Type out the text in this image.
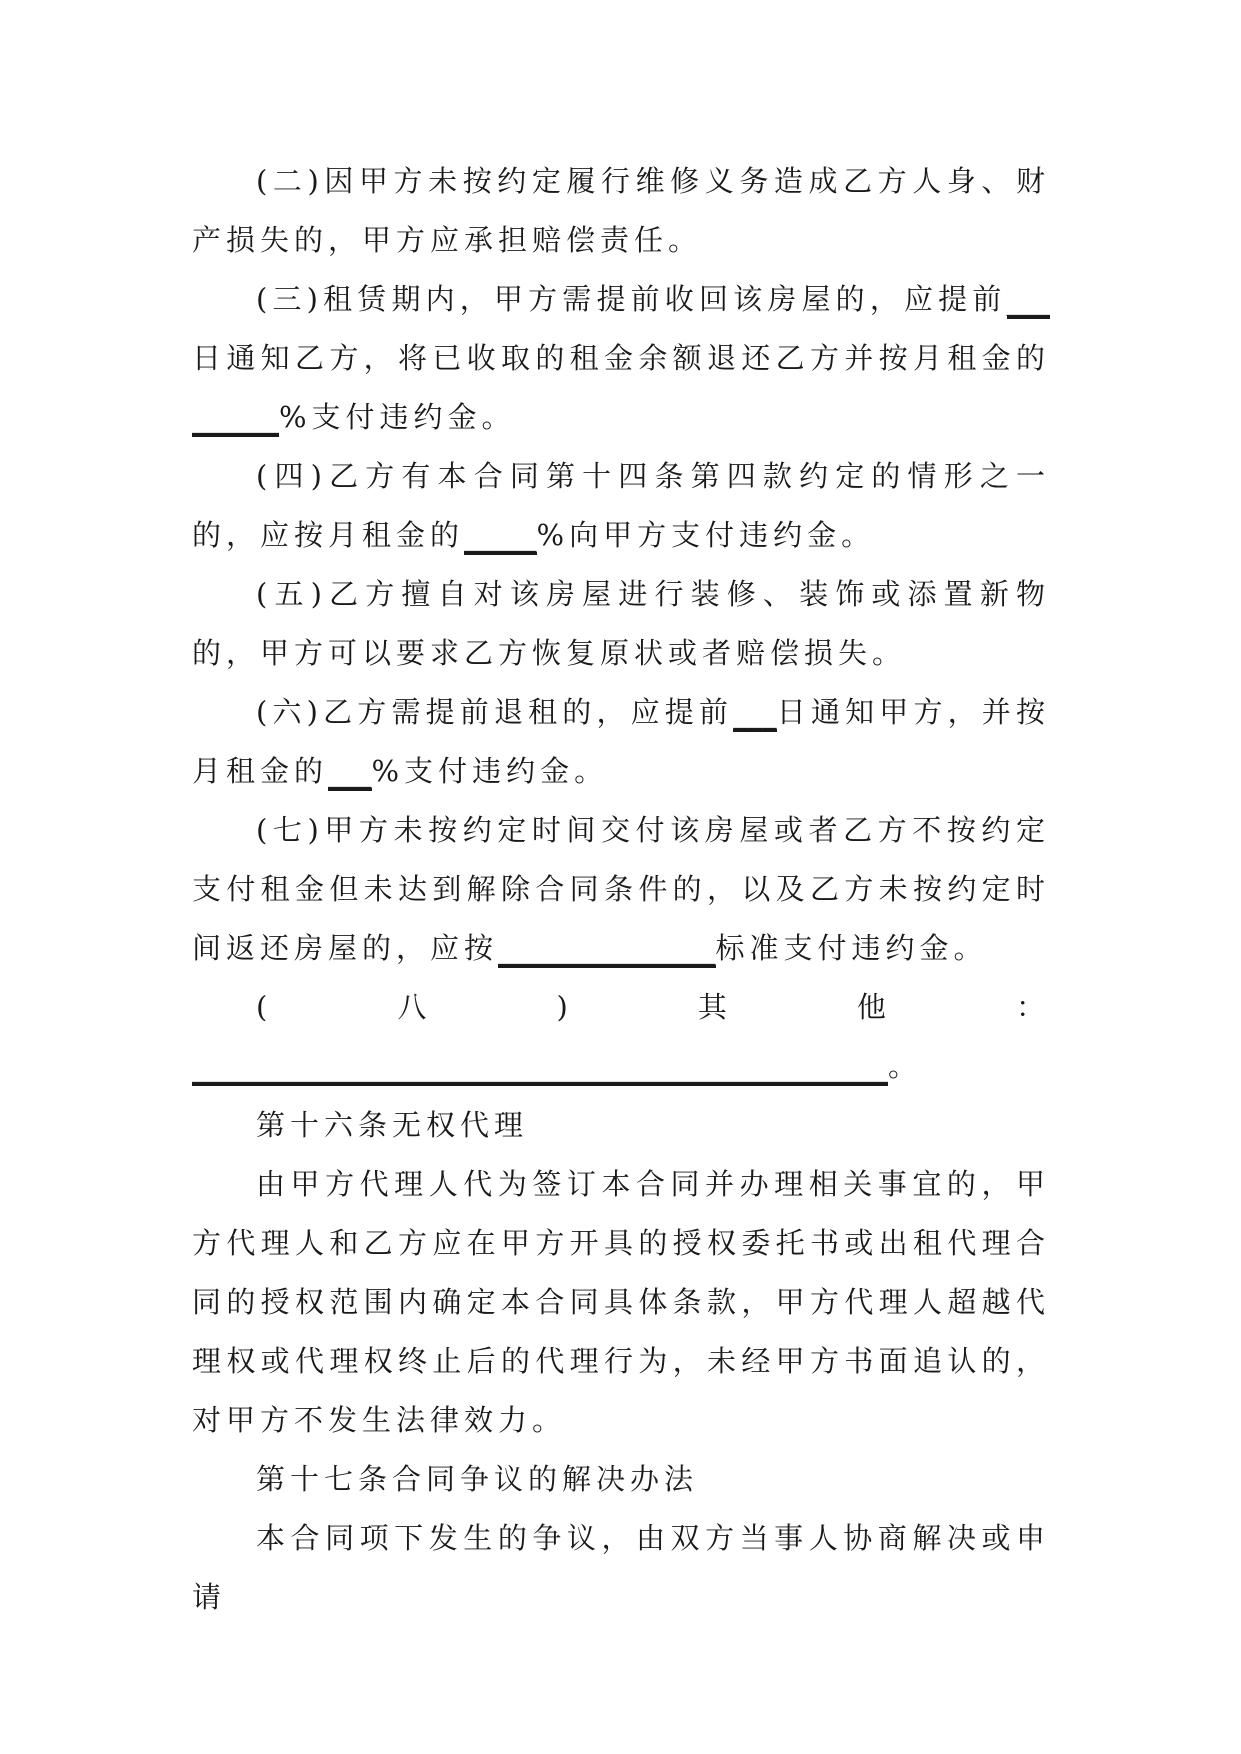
(二)因甲方未按约定履行维修义务造成乙方人身、财产损失的，甲方应承担赔偿责任。

(三)租赁期内，甲方需提前收回该房屋的，应提前___日通知乙方，将已收取的租金余额退还乙方并按月租金的______%支付违约金。

(四)乙方有本合同第十四条第四款约定的情形之一的，应按月租金的_____%向甲方支付违约金。

(五)乙方擅自对该房屋进行装修、装饰或添置新物的，甲方可以要求乙方恢复原状或者赔偿损失。

(六)乙方需提前退租的，应提前___日通知甲方，并按月租金的___%支付违约金。

(七)甲方未按约定时间交付该房屋或者乙方不按约定支付租金但未达到解除合同条件的，以及乙方未按约定时间返还房屋的，应按_______________标准支付违约金。

(八)其他：________________________________________________。

第十六条无权代理

由甲方代理人代为签订本合同并办理相关事宜的，甲方代理人和乙方应在甲方开具的授权委托书或出租代理合同的授权范围内确定本合同具体条款，甲方代理人超越代理权或代理权终止后的代理行为，未经甲方书面追认的，对甲方不发生法律效力。

第十七条合同争议的解决办法

本合同项下发生的争议，由双方当事人协商解决或申请
